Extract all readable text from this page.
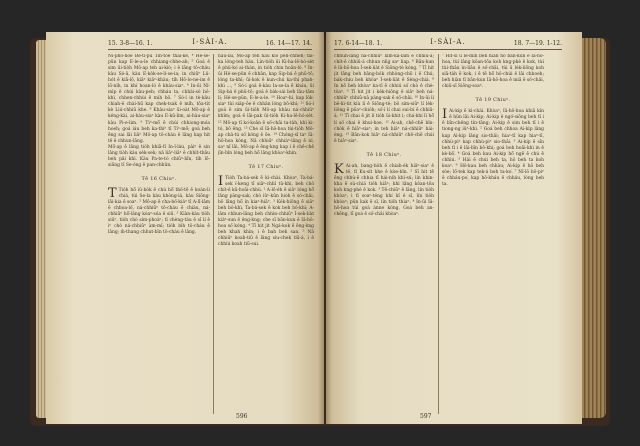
15. 3-8—16. 1.	I-SÀI-A.	16. 14—17. 14.

Nî-pho̍-hoe Bé-tî-pu Tîn-tôe tha̍i-ke, ⁴ Hé-se-pûn kap E-le-a-le chhiang-chhe-ah; ⁵ Goá ê sim ūi-tio̍h Mô-ap teh ai-kiò; i ê lâng tô-cháu kàu Só-ā, kàu E-ko̍k-se-lí-se-ia; in chiūⁿ Lû-ho̍t ê kiā-lō, kiâⁿ kiâⁿ-khàu; ti̍h Hô-lo-ne-im ê lō-ni̍h, in khí hoan-ló ê khàu-siaⁿ. ⁶ In-ūi Nî-mi̍p ê chúi kàu-peh; chháu ta, chhài-so̍ bô-khì, chhen-chhùi ê mi̍h bô. ⁷ Só-í in tè-kâu chiah-ê chài-hū kap chek-tsak ê mi̍h, tôa-tit kè Liú-chhiū khe. ⁸ Khàu-siaⁿ ûi-oàt Mô-ap ê kéng-kài, ai-hàu-siaⁿ kàu E-kū-lim, ai-hàu-siaⁿ kàu Pi-e-lim. ⁹ Tiⁿ-mô͘ ê chúi chhiong-móa hoeh; goá iáu beh ka-thiⁿ tī Tiⁿ-mô͘; goá beh ēng sai lâi liâⁿ Mô-ap tô-cháu ê lâng kap hit tē ê chhun-lâng.

Mô͘-ap ê lâng tio̍h khiā-tī In-î-láu, pàiⁿ ê sin lâng tio̍h kàu se̍k-sek; nā liâⁿ-liâⁿ ê chhi̍t-thâu beh pâi khì. Kàu Pa-te-tò chiūⁿ-bīn, ti̍h lō-siāng tī Se-óng ê pan-chhûn.

Tē 16 Chiuⁿ.

T Tio̍h hō͘ iû-bo̍k ê chú hō͘ thó͘-tē ê koán-lí chiá, tùi Se-la kàu khòng-iá, kàu Siōng-lāi-kia ê soaⁿ. ² Mô-ap ê cha-bó͘-kiáⁿ tī A-lî-lâm ê chhoa-ló͘, ná-chhiūⁿ tô-cháu ê chiáu, ná-chhiūⁿ hō͘-lâng kóaⁿ-sóa ê siū. ³ Kiàn-kàu tio̍h siūⁿ, tio̍h chò sím-phoàⁿ; tī chèng-tàu ê sî lí ê ìⁿ chò ná-chhiūⁿ àm-mî; tio̍h bi̍h tô-cháu ê lâng; m̄-thang chhut-bīn tô-cháu ê lâng.

hàu-lâi, Mô-ap teh hàu kiò pe̍h-chheh; tāi-ka lóng-teh hàu. Lín-tio̍h ūi Ki-ha-lê-hó-se̍t ê phû-ko͘ ai-thàn, in tio̍h chin hoân-ló. ⁸ In-ūi Hé-se-pûn ê chhân, kap Sip-bá ê phû-tô, lóng ta-khì; ūi-kok ê kun-chú ka-thí phah-khì ..., ⁹ Só-í goá ē-kàu Ia-se-la ê kháu, ūi Sip-bá ê phû-tô; goá ê ba̍k-sái beh lâu-tâm lí; Hé-se-pûn, E-le-a-le. ¹⁰ Hoaⁿ-hí, kap lo̍k-siaⁿ tùi sia̍p-ōe ê chhân lóng bô-khì; ¹¹ Só-í goá ê sim ūi-tio̍h Mô-ap khàu ná-chhiūⁿ khîm; goá ê lāi-pak ūi-tio̍h Ki-ha-lê-hó-se̍t. ¹² Mô-ap tī ko͘-koân ê só͘-chāi ta-ta̍h, khì ki-tó, bô ēng. ¹³ Che sī Iâ-hô-hoa tùi-tio̍h Mô-ap chá-tú só͘ kóng ê ōe. ¹⁴ Chóng-sī taⁿ Iâ-hô-hoa kóng, Nā chhiūⁿ chhiàⁿ-lâng ê nî, saⁿ nî lāi, Mô-ap ê êng-kng kap i ê chē-chē jîn-bîn lóng beh hō͘ lâng khòaⁿ-khin.

Tē 17 Chiuⁿ.

I Tio̍h Ta-bá-sek ê kì-chài. Khòaⁿ, Ta-bá-sek í-keng tī siâⁿ-chhī tû-khì, beh chò chi̍t-ê kū-hoāi-chhù. ² A-lô-e̍h ê siâⁿ lóng hō͘ lâng pàng-sak; chò iûⁿ-kûn hioh ê só͘-chāi, bô lâng hō͘ in kiaⁿ-hiâⁿ. ³ Ke̍k-hiông ê siâⁿ beh bô-khì, Ta-bá-sek ê kok beh bô-khì; A-lâm chhun-lâng beh chhin-chhiūⁿ Í-sek-lia̍t kiáⁿ-sun ê êng-kng; che sī bān-kun ê Iâ-hô-hoa só͘ kóng. ⁴ Tī hit jit Ngá-kok ê êng-kng beh khah khin; i ê bah beh san. ⁵ Nā chhiūⁿ koah-tiū ê lâng siu-chek tiū-á, i ê chhiú koah tiū-sui.

596
17. 6-14—18. 1.	I-SÀI-A.	18. 7—19. 1-12.

chhun-lâng ná-chhiūⁿ lám-ka-lám ê chhiū-á; chi̍t-ê chhiū-á chhun nn̄g saⁿ liap. ⁶ Bān-kun ê Iâ-hô-hoa Í-sek-lia̍t ê Siōng-tè kóng. ⁷ Tī hit jit lâng beh bāng-bo̍k chhòng-chō i ê Chú, ba̍k-chiu beh khòaⁿ Í-sek-lia̍t ê Sèng-chiá. ⁸ In bô beh khòaⁿ ka-tī ê chhiú só͘ chò ê chè-tôaⁿ. ⁹ Tī hit jit i ke̍k-hiông ê siâⁿ beh ná-chhiūⁿ chhiū-nâ pàng-sak ê só͘-chāi. ¹⁰ In-ūi lí bē-kì-tit kiù lí ê Siōng-tè; bô sim-siūⁿ lí le̍k-liōng ê pôaⁿ-chio̍h; só͘-í lí chai sui-bí ê chhiū-á. ¹¹ Tī chai ê jit lí tio̍h ûi-khit i; chá-khí lí hō͘ lí só͘ chai ê khui-hoe. ¹² Ai-ah, chē-chē bîn-cho̍k ê hiâⁿ-siaⁿ; in teh hiâⁿ ná-chhiūⁿ hái-éng. ¹³ Bān-kok hiâⁿ ná-chhiūⁿ chē-chē chúi ê hiâⁿ-siaⁿ.

Tē 18 Chiuⁿ.

K Ai-ah, bang-tio̍h ê chiah-e̍k hiâⁿ-siaⁿ ê tē, tī Ku-si̍t khe ê kòe-bīn. ² Sī hit tē ēng chhù-ê chhia tī hái-nih khì-sú; lín khin-kha ê sú-chiá tio̍h kiâⁿ; khì lâng kôan-tōa koh kng-phè ê kok. ³ Tē-chiūⁿ ê lâng, lín tio̍h khòaⁿ, i tī soaⁿ-téng khí kî ê sî, lín tio̍h khòaⁿ; pûn kak ê sî, lín tio̍h thiaⁿ. ⁴ In-ūi Iâ-hô-hoa tùi goá ánne kóng, Goá beh an-chēng, tī goá ê só͘-chāi khòaⁿ.

⁷ Hit-sî ū lé-mi̍h beh hiàn hō͘ bān-kun ê Iâ-hô-hoa, tùi lâng kôan-tōa koh kng-phè ê kok, tùi tùi-thâu ìn-liâu ê só͘-chāi, tùi ū le̍k-liōng koh siā-ta̍h ê kok, i ê tē hō͘ hô-chúi ê lâi chhoeh; beh hiàn tī bān-kun Iâ-hô-hoa ê miâ ê só͘-chāi, chiū-sī Siōng-soaⁿ.

Tē 19 Chiuⁿ.

I Ai-kip ê kì-chài. Khòaⁿ, Iâ-hô-hoa khiâ kín ê hûn lâi Ai-kip; Ai-kip ê ngó͘-siōng beh tī i ê bīn-chêng tín-tāng; Ai-kip ê sim beh tī i ê tiong-ng iûⁿ-khì. ² Goá beh chhoa Ai-kip lâng kap Ai-kip lâng sio-thâi; hiaⁿ-tī kap hiaⁿ-tī, chhù-piⁿ kap chhù-piⁿ sio-thâi. ³ Ai-kip ê sîn beh tī i ê lāi-bīn bô-khì; goá beh hoāi-khì in ê kè-bô͘. ⁴ Goá beh kau Ai-kip hō͘ ngē ê chú ê chhiú. ⁵ Hái ê chúi beh ta, hô beh ta koh koaⁿ. ⁶ Hô-kau beh chhàu; Ai-kip ê hô beh sòe; lô͘-tek kap tek-á beh ta-ko͘. ⁷ Nî-lô hô-piⁿ ê chháu-po͘, kap hô-kháu ê chháu, lóng beh ta.

597
